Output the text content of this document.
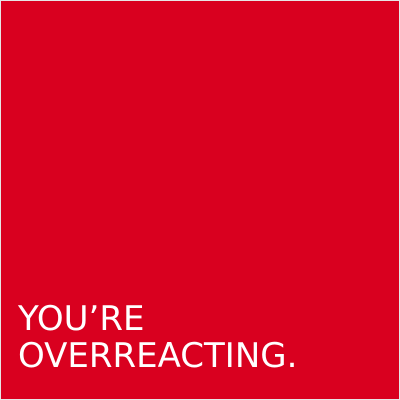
YOU’RE
OVERREACTING.
